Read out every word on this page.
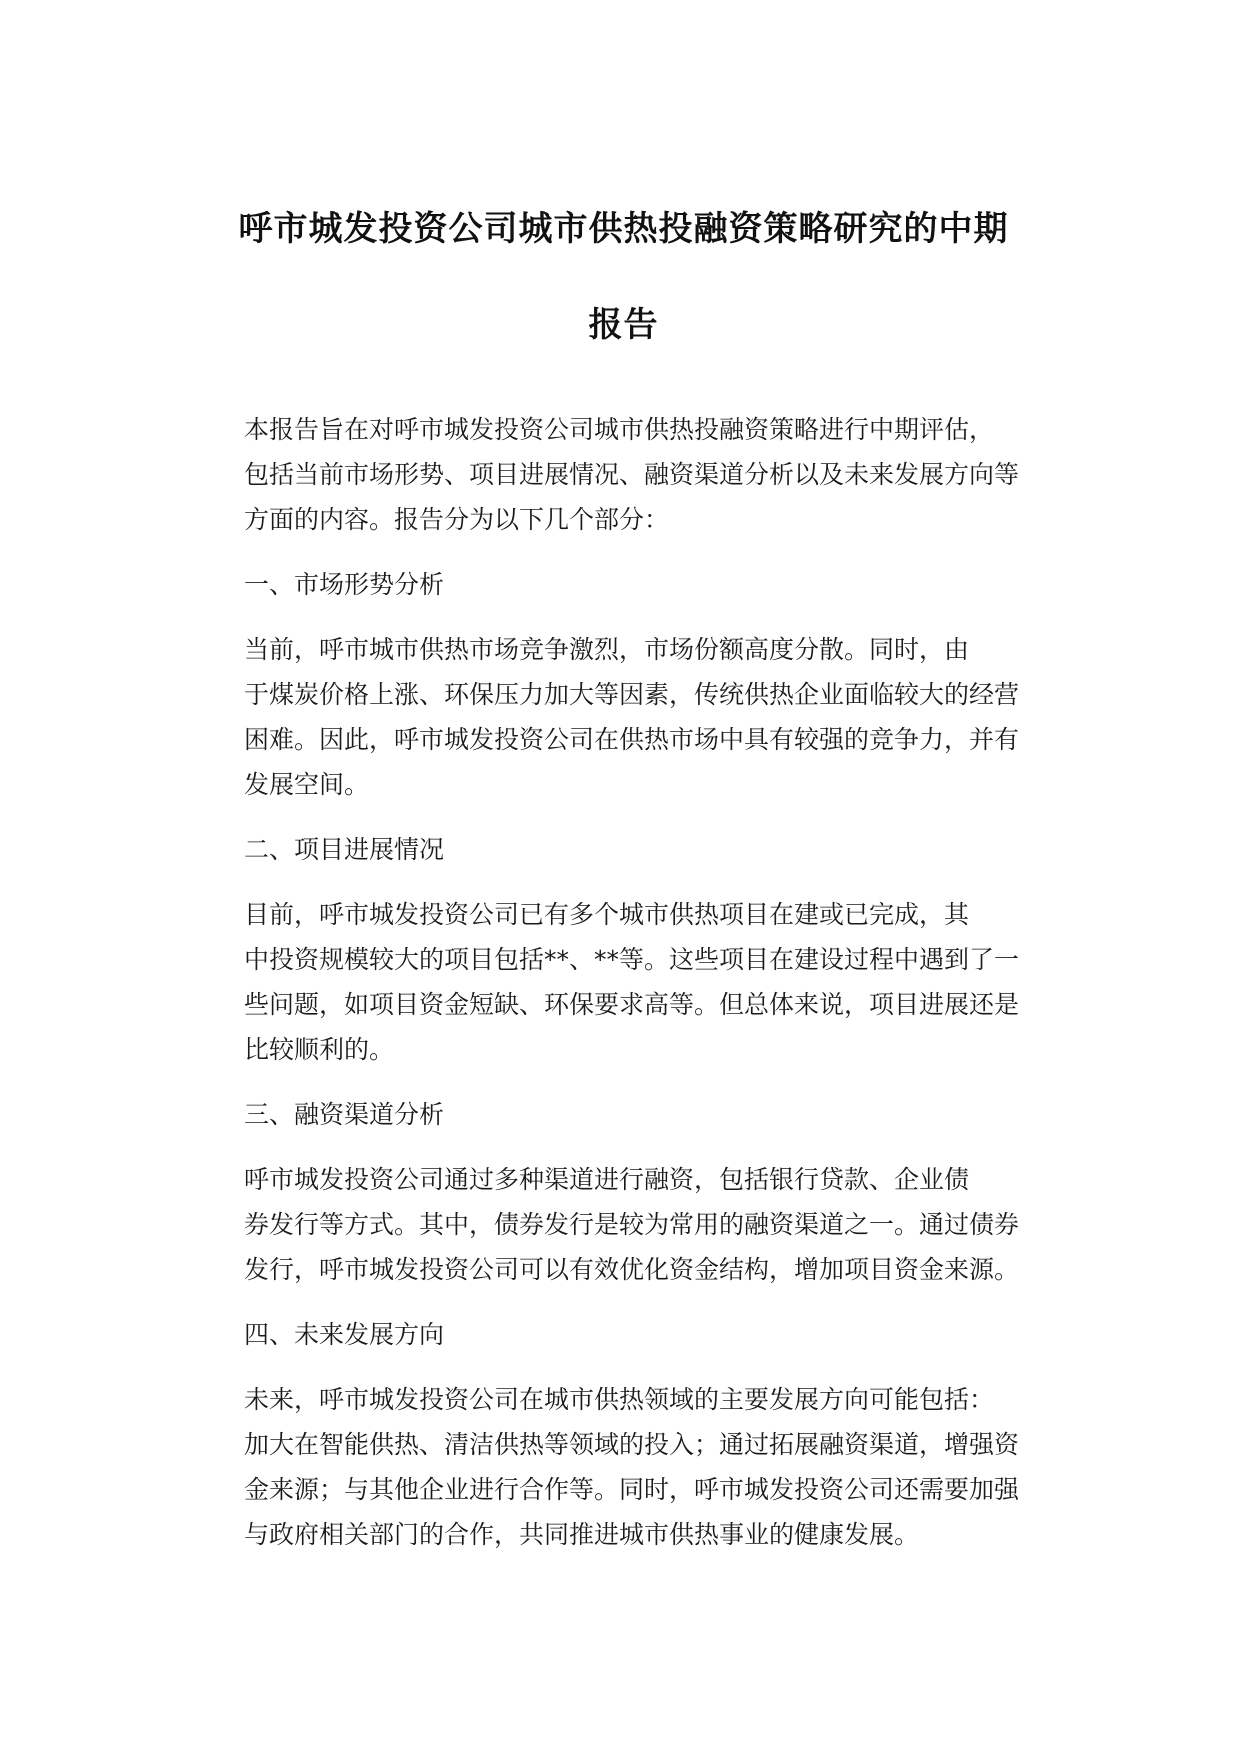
呼市城发投资公司城市供热投融资策略研究的中期
报告

本报告旨在对呼市城发投资公司城市供热投融资策略进行中期评估，
包括当前市场形势、项目进展情况、融资渠道分析以及未来发展方向等
方面的内容。报告分为以下几个部分：

一、市场形势分析

当前，呼市城市供热市场竞争激烈，市场份额高度分散。同时，由
于煤炭价格上涨、环保压力加大等因素，传统供热企业面临较大的经营
困难。因此，呼市城发投资公司在供热市场中具有较强的竞争力，并有
发展空间。

二、项目进展情况

目前，呼市城发投资公司已有多个城市供热项目在建或已完成，其
中投资规模较大的项目包括**、**等。这些项目在建设过程中遇到了一
些问题，如项目资金短缺、环保要求高等。但总体来说，项目进展还是
比较顺利的。

三、融资渠道分析

呼市城发投资公司通过多种渠道进行融资，包括银行贷款、企业债
券发行等方式。其中，债券发行是较为常用的融资渠道之一。通过债券
发行，呼市城发投资公司可以有效优化资金结构，增加项目资金来源。

四、未来发展方向

未来，呼市城发投资公司在城市供热领域的主要发展方向可能包括：
加大在智能供热、清洁供热等领域的投入；通过拓展融资渠道，增强资
金来源；与其他企业进行合作等。同时，呼市城发投资公司还需要加强
与政府相关部门的合作，共同推进城市供热事业的健康发展。
